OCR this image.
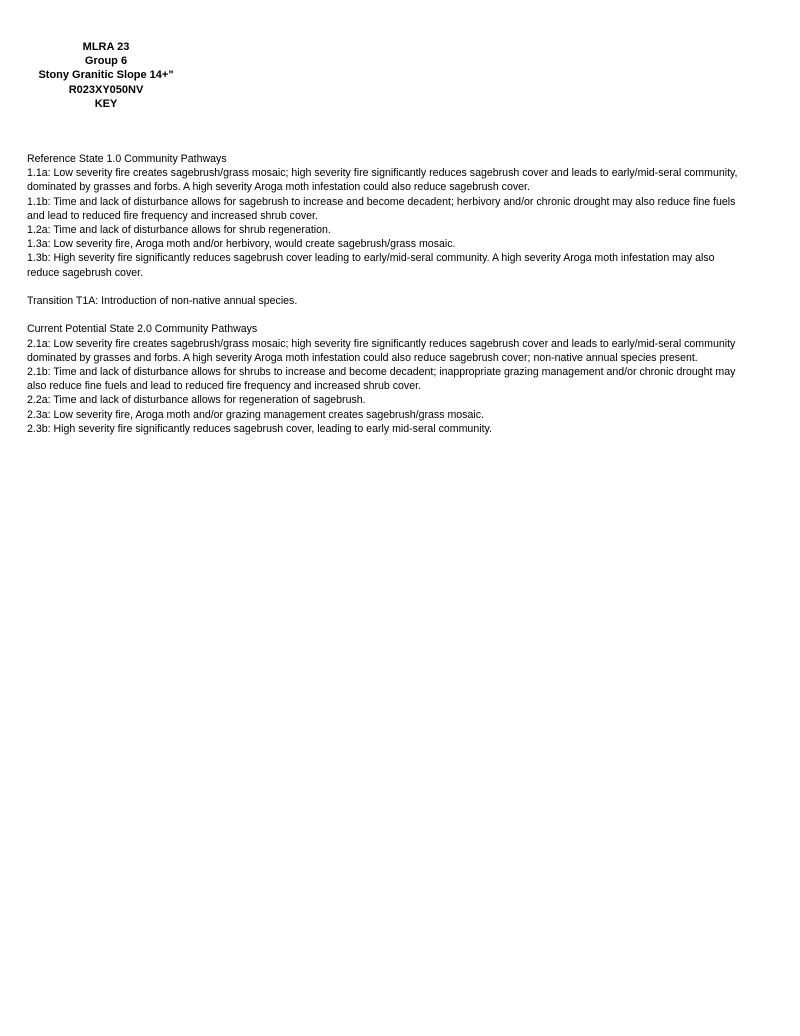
MLRA 23
Group 6
Stony Granitic Slope 14+"
R023XY050NV
KEY

Reference State 1.0 Community Pathways

1.1a: Low severity fire creates sagebrush/grass mosaic; high severity fire significantly reduces sagebrush cover and leads to early/mid-seral community, dominated by grasses and forbs. A high severity Aroga moth infestation could also reduce sagebrush cover.

1.1b: Time and lack of disturbance allows for sagebrush to increase and become decadent; herbivory and/or chronic drought may also reduce fine fuels and lead to reduced fire frequency and increased shrub cover.

1.2a: Time and lack of disturbance allows for shrub regeneration.

1.3a: Low severity fire, Aroga moth and/or herbivory, would create sagebrush/grass mosaic.

1.3b: High severity fire significantly reduces sagebrush cover leading to early/mid-seral community. A high severity Aroga moth infestation may also reduce sagebrush cover.

Transition T1A: Introduction of non-native annual species.

Current Potential State 2.0 Community Pathways

2.1a: Low severity fire creates sagebrush/grass mosaic; high severity fire significantly reduces sagebrush cover and leads to early/mid-seral community dominated by grasses and forbs. A high severity Aroga moth infestation could also reduce sagebrush cover; non-native annual species present.

2.1b: Time and lack of disturbance allows for shrubs to increase and become decadent; inappropriate grazing management and/or chronic drought may also reduce fine fuels and lead to reduced fire frequency and increased shrub cover.

2.2a: Time and lack of disturbance allows for regeneration of sagebrush.

2.3a: Low severity fire, Aroga moth and/or grazing management creates sagebrush/grass mosaic.

2.3b: High severity fire significantly reduces sagebrush cover, leading to early mid-seral community.
